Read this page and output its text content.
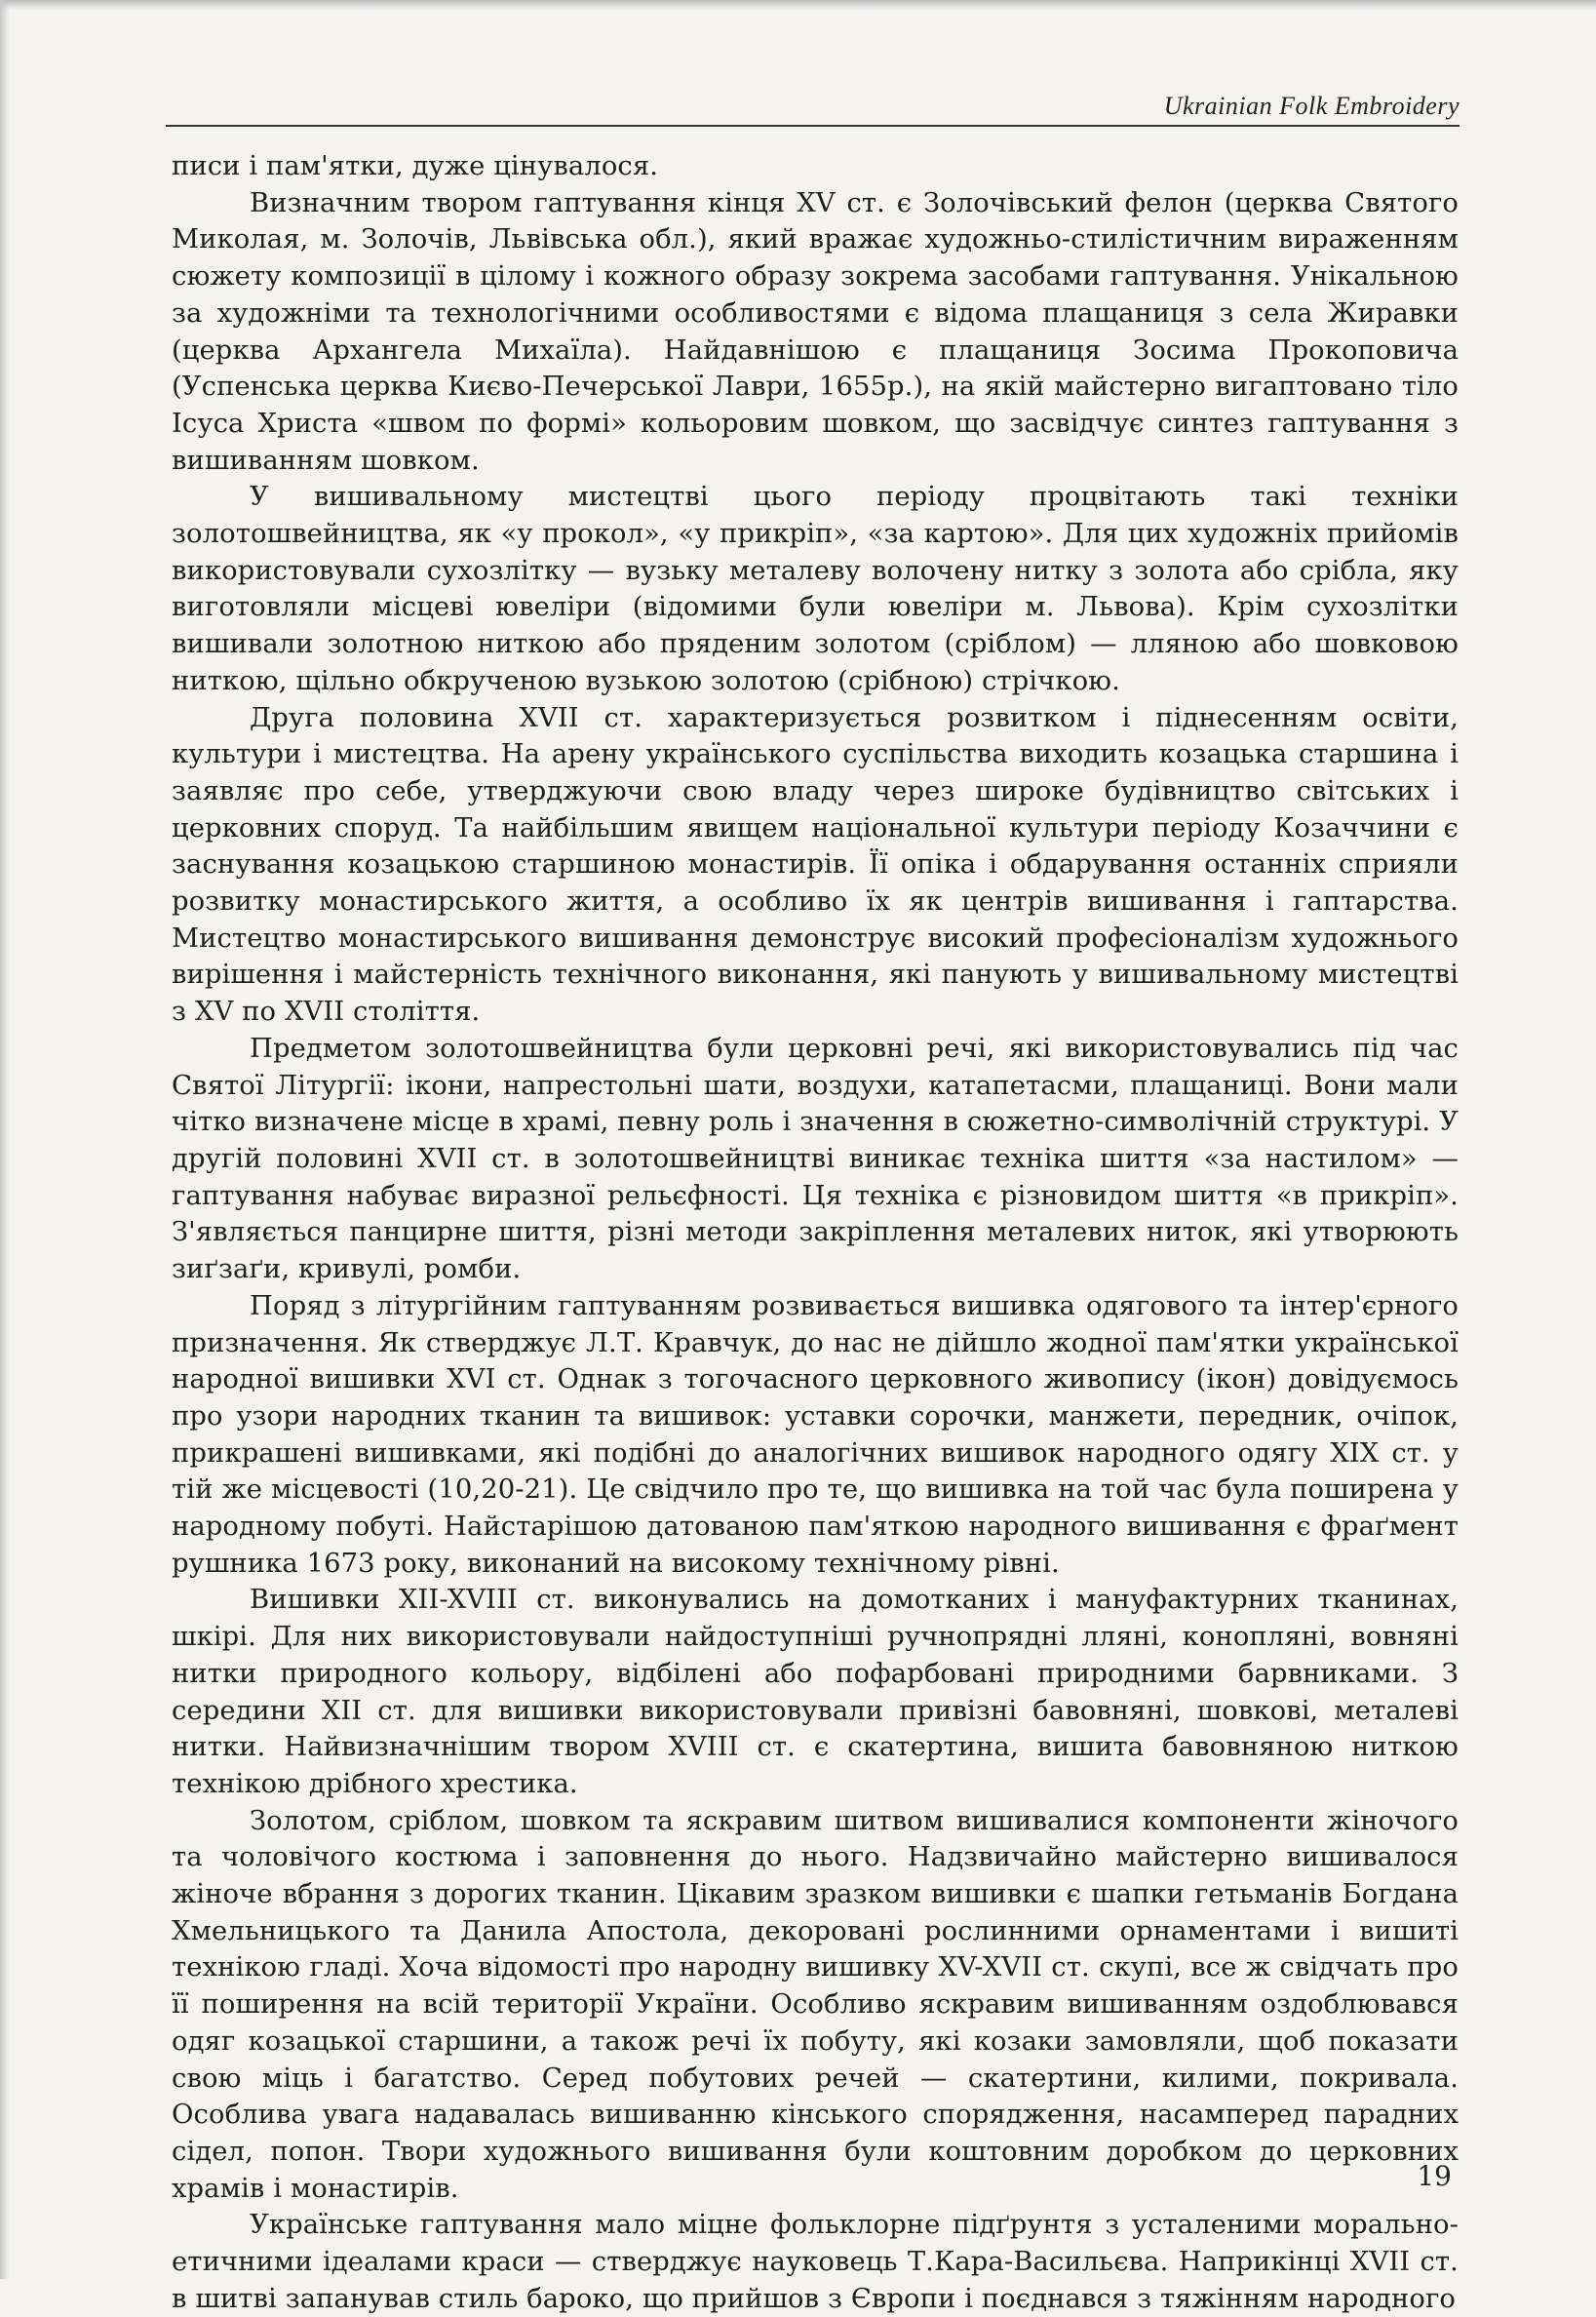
Ukrainian Folk Embroidery

писи і пам'ятки, дуже цінувалося.

Визначним твором гаптування кінця XV ст. є Золочівський фелон (церква Святого Миколая, м. Золочів, Львівська обл.), який вражає художньо-стилістичним вираженням сюжету композиції в цілому і кожного образу зокрема засобами гаптування. Унікальною за художніми та технологічними особливостями є відома плащаниця з села Жиравки (церква Архангела Михаїла). Найдавнішою є плащаниця Зосима Прокоповича (Успенська церква Києво-Печерської Лаври, 1655р.), на якій майстерно вигаптовано тіло Ісуса Христа «швом по формі» кольоровим шовком, що засвідчує синтез гаптування з вишиванням шовком.

У вишивальному мистецтві цього періоду процвітають такі техніки золотошвейництва, як «у прокол», «у прикріп», «за картою». Для цих художніх прийомів використовували сухозлітку — вузьку металеву волочену нитку з золота або срібла, яку виготовляли місцеві ювеліри (відомими були ювеліри м. Львова). Крім сухозлітки вишивали золотною ниткою або пряденим золотом (сріблом) — лляною або шовковою ниткою, щільно обкрученою вузькою золотою (срібною) стрічкою.

Друга половина XVII ст. характеризується розвитком і піднесенням освіти, культури і мистецтва. На арену українського суспільства виходить козацька старшина і заявляє про себе, утверджуючи свою владу через широке будівництво світських і церковних споруд. Та найбільшим явищем національної культури періоду Козаччини є заснування козацькою старшиною монастирів. Її опіка і обдарування останніх сприяли розвитку монастирського життя, а особливо їх як центрів вишивання і гаптарства. Мистецтво монастирського вишивання демонструє високий професіоналізм художнього вирішення і майстерність технічного виконання, які панують у вишивальному мистецтві з XV по XVII століття.

Предметом золотошвейництва були церковні речі, які використовувались під час Святої Літургії: ікони, напрестольні шати, воздухи, катапетасми, плащаниці. Вони мали чітко визначене місце в храмі, певну роль і значення в сюжетно-символічній структурі. У другій половині XVII ст. в золотошвейництві виникає техніка шиття «за настилом» — гаптування набуває виразної рельєфності. Ця техніка є різновидом шиття «в прикріп». З'являється панцирне шиття, різні методи закріплення металевих ниток, які утворюють зиґзаґи, кривулі, ромби.

Поряд з літургійним гаптуванням розвивається вишивка одягового та інтер'єрного призначення. Як стверджує Л.Т. Кравчук, до нас не дійшло жодної пам'ятки української народної вишивки XVI ст. Однак з тогочасного церковного живопису (ікон) довідуємось про узори народних тканин та вишивок: уставки сорочки, манжети, передник, очіпок, прикрашені вишивками, які подібні до аналогічних вишивок народного одягу XIX ст. у тій же місцевості (10,20-21). Це свідчило про те, що вишивка на той час була поширена у народному побуті. Найстарішою датованою пам'яткою народного вишивання є фраґмент рушника 1673 року, виконаний на високому технічному рівні.

Вишивки XII-XVIII ст. виконувались на домотканих і мануфактурних тканинах, шкірі. Для них використовували найдоступніші ручнопрядні лляні, конопляні, вовняні нитки природного кольору, відбілені або пофарбовані природними барвниками. З середини XII ст. для вишивки використовували привізні бавовняні, шовкові, металеві нитки. Найвизначнішим твором XVIII ст. є скатертина, вишита бавовняною ниткою технікою дрібного хрестика.

Золотом, сріблом, шовком та яскравим шитвом вишивалися компоненти жіночого та чоловічого костюма і заповнення до нього. Надзвичайно майстерно вишивалося жіноче вбрання з дорогих тканин. Цікавим зразком вишивки є шапки гетьманів Богдана Хмельницького та Данила Апостола, декоровані рослинними орнаментами і вишиті технікою гладі. Хоча відомості про народну вишивку XV-XVII ст. скупі, все ж свідчать про її поширення на всій території України. Особливо яскравим вишиванням оздоблювався одяг козацької старшини, а також речі їх побуту, які козаки замовляли, щоб показати свою міць і багатство. Серед побутових речей — скатертини, килими, покривала. Особлива увага надавалась вишиванню кінського спорядження, насамперед парадних сідел, попон. Твори художнього вишивання були коштовним доробком до церковних храмів і монастирів.

Українське гаптування мало міцне фольклорне підґрунтя з усталеними морально-етичними ідеалами краси — стверджує науковець Т.Кара-Васильєва. Наприкінці XVII ст. в шитві запанував стиль бароко, що прийшов з Європи і поєднався з тяжінням народного

19
